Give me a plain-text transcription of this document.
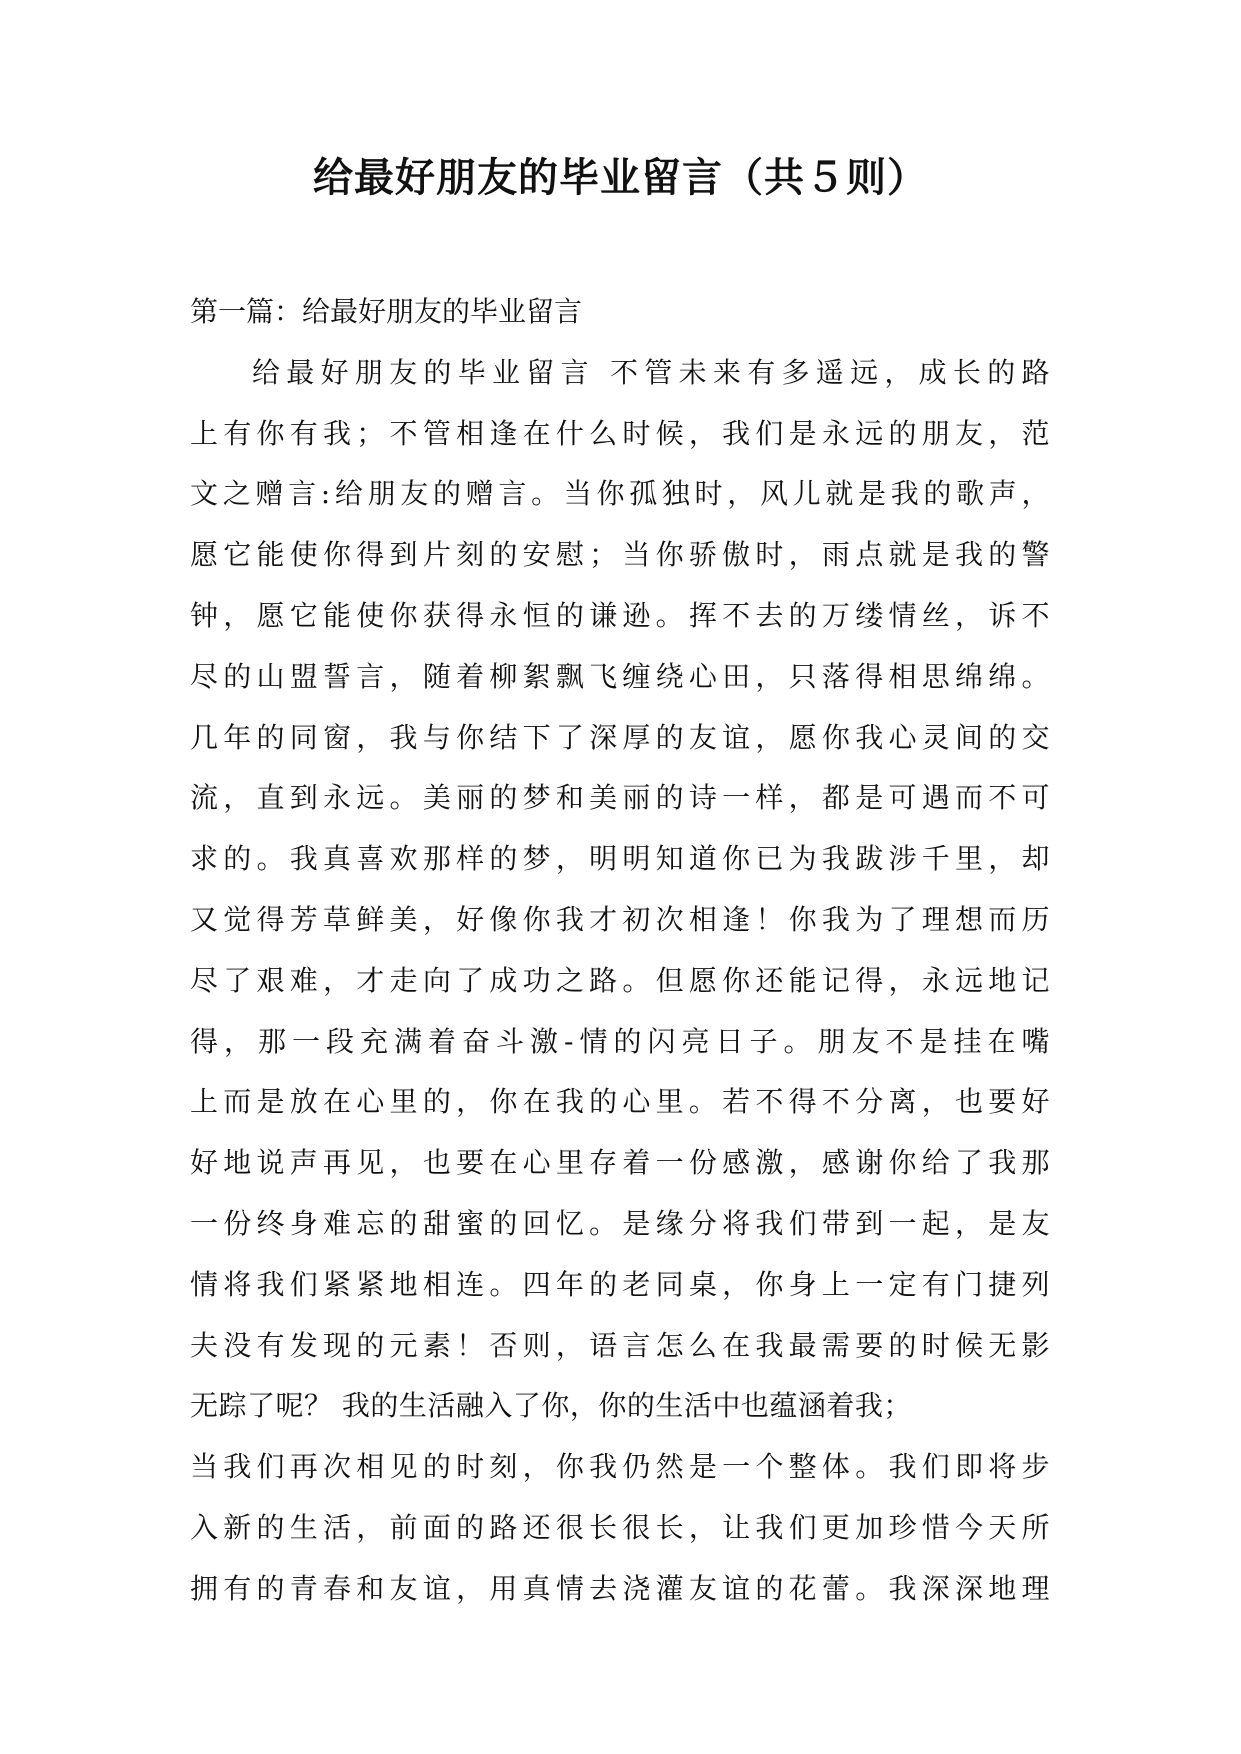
给最好朋友的毕业留言（共５则）
第一篇：给最好朋友的毕业留言

给最好朋友的毕业留言 不管未来有多遥远，成长的路

上有你有我；不管相逢在什么时候，我们是永远的朋友，范

文之赠言:给朋友的赠言。当你孤独时，风儿就是我的歌声，

愿它能使你得到片刻的安慰；当你骄傲时，雨点就是我的警

钟，愿它能使你获得永恒的谦逊。挥不去的万缕情丝，诉不

尽的山盟誓言，随着柳絮飘飞缠绕心田，只落得相思绵绵。

几年的同窗，我与你结下了深厚的友谊，愿你我心灵间的交

流，直到永远。美丽的梦和美丽的诗一样，都是可遇而不可

求的。我真喜欢那样的梦，明明知道你已为我跋涉千里，却

又觉得芳草鲜美，好像你我才初次相逢！你我为了理想而历

尽了艰难，才走向了成功之路。但愿你还能记得，永远地记

得，那一段充满着奋斗激-情的闪亮日子。朋友不是挂在嘴

上而是放在心里的，你在我的心里。若不得不分离，也要好

好地说声再见，也要在心里存着一份感激，感谢你给了我那

一份终身难忘的甜蜜的回忆。是缘分将我们带到一起，是友

情将我们紧紧地相连。四年的老同桌，你身上一定有门捷列

夫没有发现的元素！否则，语言怎么在我最需要的时候无影

无踪了呢？ 我的生活融入了你，你的生活中也蕴涵着我；

当我们再次相见的时刻，你我仍然是一个整体。我们即将步

入新的生活，前面的路还很长很长，让我们更加珍惜今天所

拥有的青春和友谊，用真情去浇灌友谊的花蕾。我深深地理
